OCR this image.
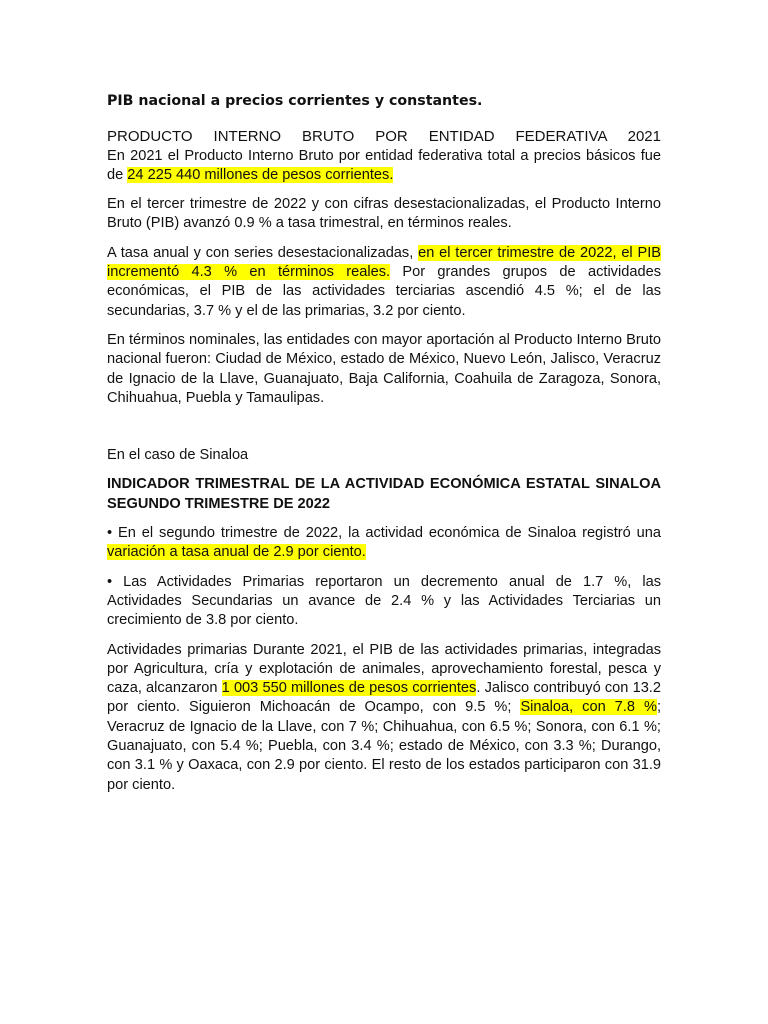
PIB nacional a precios corrientes y constantes.

PRODUCTO INTERNO BRUTO POR ENTIDAD FEDERATIVA 2021

En 2021 el Producto Interno Bruto por entidad federativa total a precios básicos fue de 24 225 440 millones de pesos corrientes.

En el tercer trimestre de 2022 y con cifras desestacionalizadas, el Producto Interno Bruto (PIB) avanzó 0.9 % a tasa trimestral, en términos reales.

A tasa anual y con series desestacionalizadas, en el tercer trimestre de 2022, el PIB incrementó 4.3 % en términos reales. Por grandes grupos de actividades económicas, el PIB de las actividades terciarias ascendió 4.5 %; el de las secundarias, 3.7 % y el de las primarias, 3.2 por ciento.

En términos nominales, las entidades con mayor aportación al Producto Interno Bruto nacional fueron: Ciudad de México, estado de México, Nuevo León, Jalisco, Veracruz de Ignacio de la Llave, Guanajuato, Baja California, Coahuila de Zaragoza, Sonora, Chihuahua, Puebla y Tamaulipas.

En el caso de Sinaloa

INDICADOR TRIMESTRAL DE LA ACTIVIDAD ECONÓMICA ESTATAL SINALOA SEGUNDO TRIMESTRE DE 2022

• En el segundo trimestre de 2022, la actividad económica de Sinaloa registró una variación a tasa anual de 2.9 por ciento.

• Las Actividades Primarias reportaron un decremento anual de 1.7 %, las Actividades Secundarias un avance de 2.4 % y las Actividades Terciarias un crecimiento de 3.8 por ciento.

Actividades primarias Durante 2021, el PIB de las actividades primarias, integradas por Agricultura, cría y explotación de animales, aprovechamiento forestal, pesca y caza, alcanzaron 1 003 550 millones de pesos corrientes. Jalisco contribuyó con 13.2 por ciento. Siguieron Michoacán de Ocampo, con 9.5 %; Sinaloa, con 7.8 %; Veracruz de Ignacio de la Llave, con 7 %; Chihuahua, con 6.5 %; Sonora, con 6.1 %; Guanajuato, con 5.4 %; Puebla, con 3.4 %; estado de México, con 3.3 %; Durango, con 3.1 % y Oaxaca, con 2.9 por ciento. El resto de los estados participaron con 31.9 por ciento.
